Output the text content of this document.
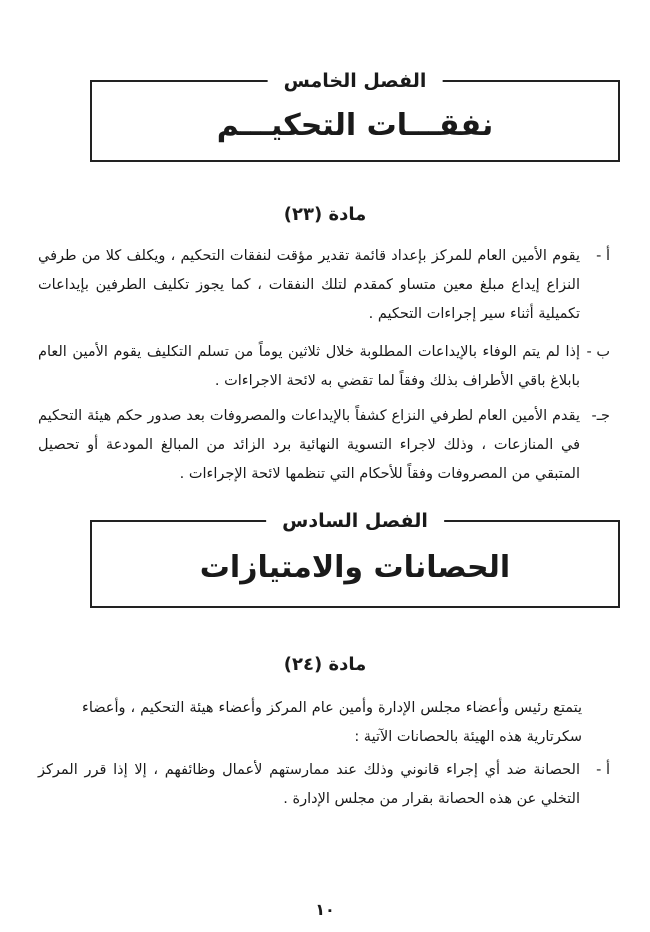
الفصل الخامس
نفقـــات التحكيـــم
مادة (٢٣)
أ -
يقوم الأمين العام للمركز بإعداد قائمة تقدير مؤقت لنفقات التحكيم ، ويكلف كلا من طرفي النزاع إيداع مبلغ معين متساو كمقدم لتلك النفقات ، كما يجوز تكليف الطرفين بإيداعات تكميلية أثناء سير إجراءات التحكيم .
ب -
إذا لم يتم الوفاء بالإيداعات المطلوبة خلال ثلاثين يوماً من تسلم التكليف يقوم الأمين العام بابلاغ باقي الأطراف بذلك وفقاً لما تقضي به لائحة الاجراءات .
جـ-
يقدم الأمين العام لطرفي النزاع كشفاً بالإيداعات والمصروفات بعد صدور حكم هيئة التحكيم في المنازعات ، وذلك لاجراء التسوية النهائية برد الزائد من المبالغ المودعة أو تحصيل المتبقي من المصروفات وفقاً للأحكام التي تنظمها لائحة الإجراءات .
الفصل السادس
الحصانات والامتيازات
مادة (٢٤)
يتمتع رئيس وأعضاء مجلس الإدارة وأمين عام المركز وأعضاء هيئة التحكيم ، وأعضاء سكرتارية هذه الهيئة بالحصانات الآتية :
أ -
الحصانة ضد أي إجراء قانوني وذلك عند ممارستهم لأعمال وظائفهم ، إلا إذا قرر المركز التخلي عن هذه الحصانة بقرار من مجلس الإدارة .
١٠
